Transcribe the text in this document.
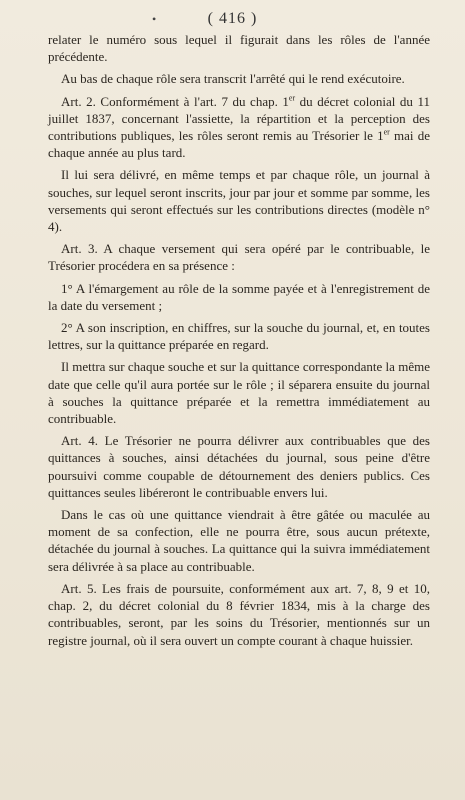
•	( 416 )

relater le numéro sous lequel il figurait dans les rôles de l'année précédente.

Au bas de chaque rôle sera transcrit l'arrêté qui le rend exécutoire.

Art. 2. Conformément à l'art. 7 du chap. 1er du décret colonial du 11 juillet 1837, concernant l'assiette, la répartition et la perception des contributions publiques, les rôles seront remis au Trésorier le 1er mai de chaque année au plus tard.

Il lui sera délivré, en même temps et par chaque rôle, un journal à souches, sur lequel seront inscrits, jour par jour et somme par somme, les versements qui seront effectués sur les contributions directes (modèle n° 4).

Art. 3. A chaque versement qui sera opéré par le contribuable, le Trésorier procédera en sa présence :

1° A l'émargement au rôle de la somme payée et à l'enregistrement de la date du versement ;

2° A son inscription, en chiffres, sur la souche du journal, et, en toutes lettres, sur la quittance préparée en regard.

Il mettra sur chaque souche et sur la quittance correspondante la même date que celle qu'il aura portée sur le rôle ; il séparera ensuite du journal à souches la quittance préparée et la remettra immédiatement au contribuable.

Art. 4. Le Trésorier ne pourra délivrer aux contribuables que des quittances à souches, ainsi détachées du journal, sous peine d'être poursuivi comme coupable de détournement des deniers publics. Ces quittances seules libéreront le contribuable envers lui.

Dans le cas où une quittance viendrait à être gâtée ou maculée au moment de sa confection, elle ne pourra être, sous aucun prétexte, détachée du journal à souches. La quittance qui la suivra immédiatement sera délivrée à sa place au contribuable.

Art. 5. Les frais de poursuite, conformément aux art. 7, 8, 9 et 10, chap. 2, du décret colonial du 8 février 1834, mis à la charge des contribuables, seront, par les soins du Trésorier, mentionnés sur un registre journal, où il sera ouvert un compte courant à chaque huissier.
